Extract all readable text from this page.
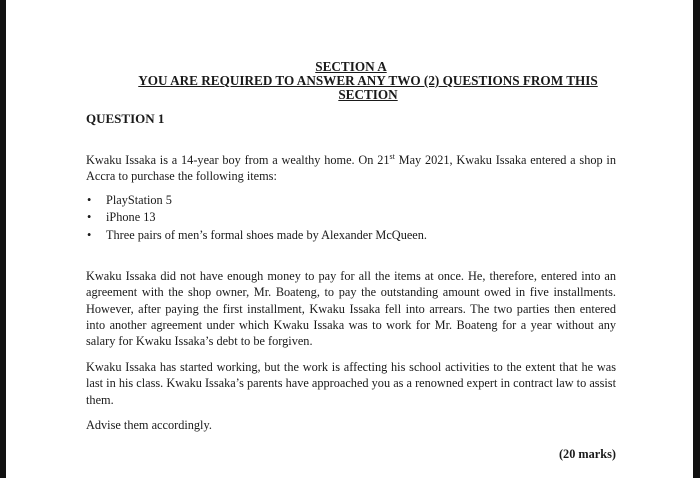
SECTION A
YOU ARE REQUIRED TO ANSWER ANY TWO (2) QUESTIONS FROM THIS
SECTION
QUESTION 1

Kwaku Issaka is a 14-year boy from a wealthy home. On 21st May 2021, Kwaku Issaka entered a shop in Accra to purchase the following items:

• PlayStation 5
• iPhone 13
• Three pairs of men’s formal shoes made by Alexander McQueen.

Kwaku Issaka did not have enough money to pay for all the items at once. He, therefore, entered into an agreement with the shop owner, Mr. Boateng, to pay the outstanding amount owed in five installments. However, after paying the first installment, Kwaku Issaka fell into arrears. The two parties then entered into another agreement under which Kwaku Issaka was to work for Mr. Boateng for a year without any salary for Kwaku Issaka’s debt to be forgiven.

Kwaku Issaka has started working, but the work is affecting his school activities to the extent that he was last in his class. Kwaku Issaka’s parents have approached you as a renowned expert in contract law to assist them.

Advise them accordingly.

(20 marks)
